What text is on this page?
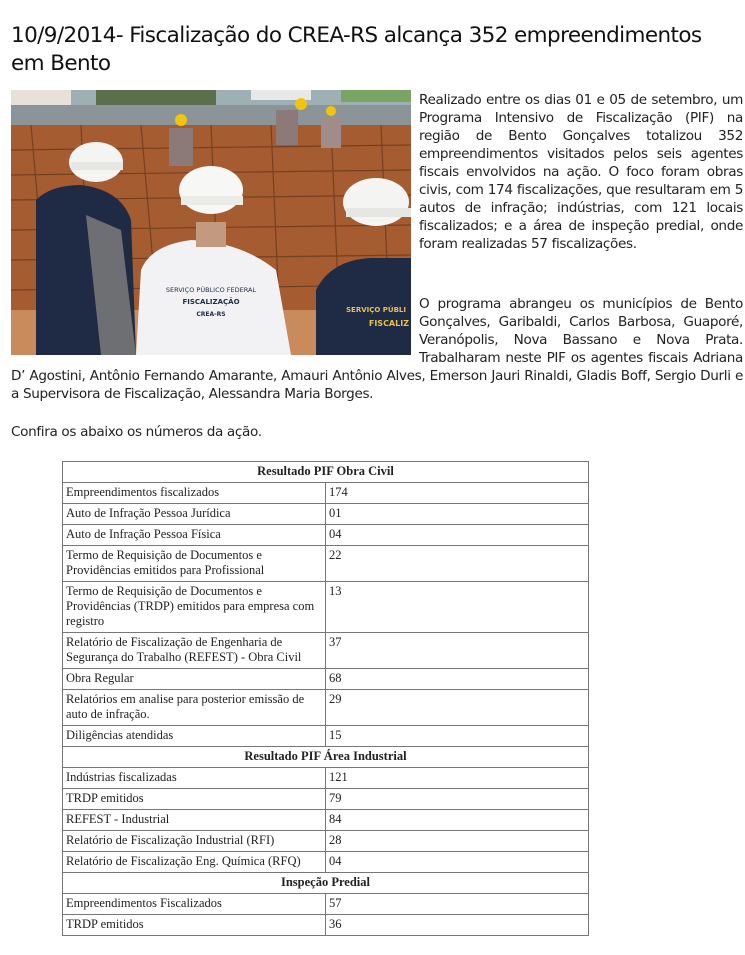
10/9/2014- Fiscalização do CREA-RS alcança 352 empreendimentos em Bento
SERVIÇO PÚBLICO FEDERAL
FISCALIZAÇÃO
CREA-RS
SERVIÇO PÚBLI
FISCALIZ

Realizado entre os dias 01 e 05 de setembro, um Programa Intensivo de Fiscalização (PIF) na região de Bento Gonçalves totalizou 352 empreendimentos visitados pelos seis agentes fiscais envolvidos na ação. O foco foram obras civis, com 174 fiscalizações, que resultaram em 5 autos de infração; indústrias, com 121 locais fiscalizados; e a área de inspeção predial, onde foram realizadas 57 fiscalizações.

O programa abrangeu os municípios de Bento Gonçalves, Garibaldi, Carlos Barbosa, Guaporé, Veranópolis, Nova Bassano e Nova Prata. Trabalharam neste PIF os agentes fiscais Adriana D’ Agostini, Antônio Fernando Amarante, Amauri Antônio Alves, Emerson Jauri Rinaldi, Gladis Boff, Sergio Durli e a Supervisora de Fiscalização, Alessandra Maria Borges.

Confira os abaixo os números da ação.

Resultado PIF Obra Civil	
Empreendimentos fiscalizados	174
Auto de Infração Pessoa Jurídica	01
Auto de Infração Pessoa Física	04
Termo de Requisição de Documentos e Providências emitidos para Profissional	22
Termo de Requisição de Documentos e Providências (TRDP) emitidos para empresa com registro	13
Relatório de Fiscalização de Engenharia de Segurança do Trabalho (REFEST) - Obra Civil	37
Obra Regular	68
Relatórios em analise para posterior emissão de auto de infração.	29
Diligências atendidas	15
Resultado PIF Área Industrial	
Indústrias fiscalizadas	121
TRDP emitidos	79
REFEST - Industrial	84
Relatório de Fiscalização Industrial (RFI)	28
Relatório de Fiscalização Eng. Química (RFQ)	04
Inspeção Predial	
Empreendimentos Fiscalizados	57
TRDP emitidos	36
